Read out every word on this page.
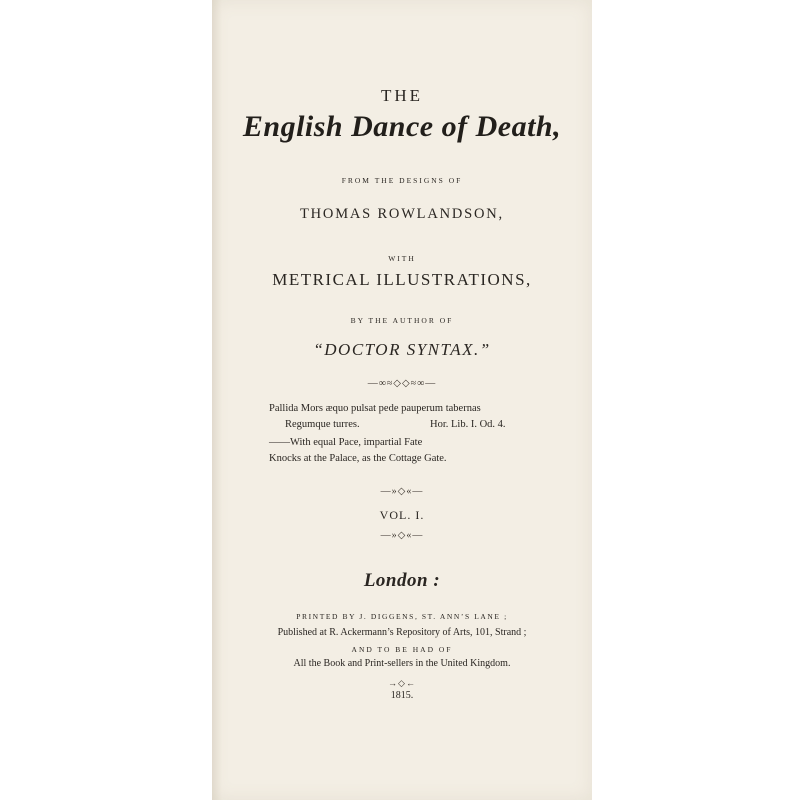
THE
English Dance of Death,
FROM THE DESIGNS OF
THOMAS ROWLANDSON,
WITH
METRICAL ILLUSTRATIONS,
BY THE AUTHOR OF
“DOCTOR SYNTAX.”
—∞≈◇◇≈∞—
Pallida Mors æquo pulsat pede pauperum tabernas
Regumque turres.	Hor. Lib. I. Od. 4.
——With equal Pace, impartial Fate
Knocks at the Palace, as the Cottage Gate.
—»◇«—
VOL. I.
—»◇«—
London :
PRINTED BY J. DIGGENS, ST. ANN’S LANE ;
Published at R. Ackermann’s Repository of Arts, 101, Strand ;
AND TO BE HAD OF
All the Book and Print-sellers in the United Kingdom.
→◇←
1815.
